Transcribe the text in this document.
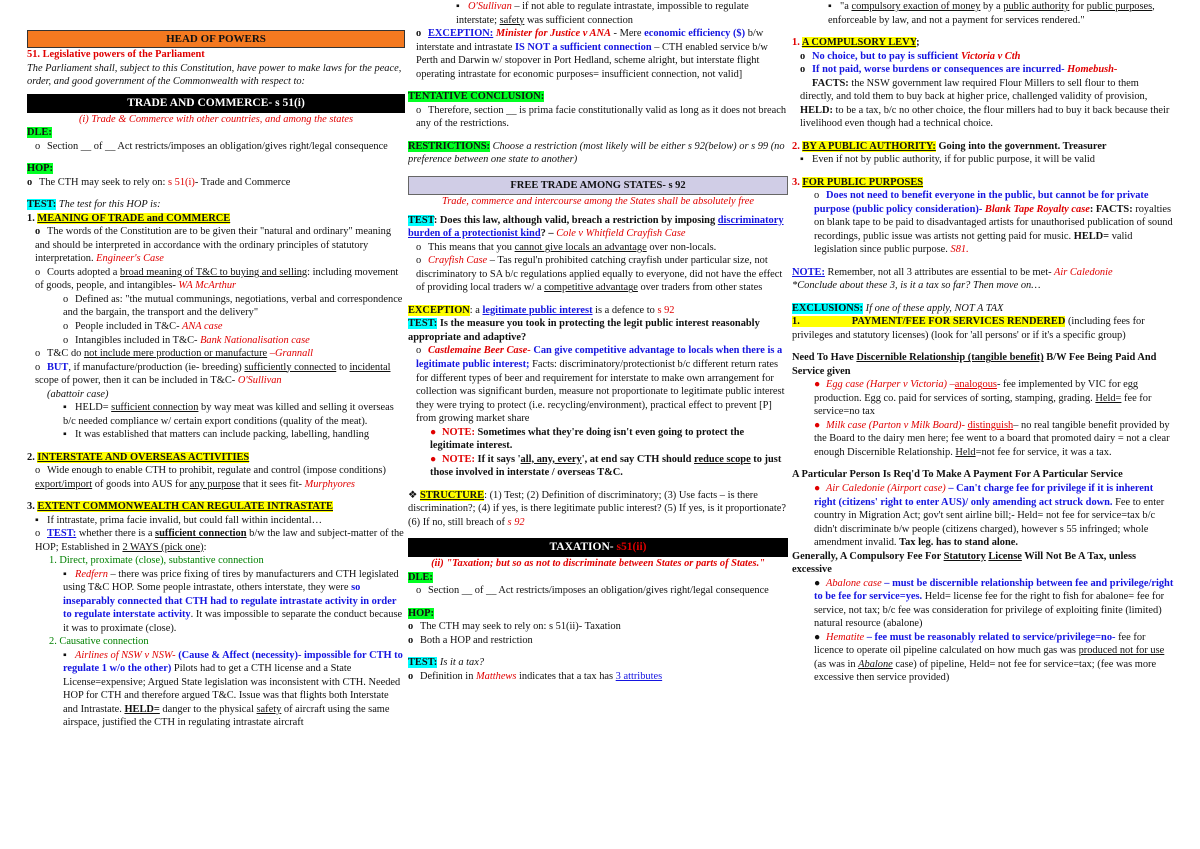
HEAD OF POWERS

51. Legislative powers of the Parliament

The Parliament shall, subject to this Constitution, have power to make laws for the peace, order, and good government of the Commonwealth with respect to:

TRADE AND COMMERCE- s 51(i)

(i) Trade & Commerce with other countries, and among the states

DLE:

o Section __ of __ Act restricts/imposes an obligation/gives right/legal consequence

HOP:

o The CTH may seek to rely on: s 51(i)- Trade and Commerce

TEST: The test for this HOP is:

1. MEANING OF TRADE and COMMERCE

o The words of the Constitution are to be given their "natural and ordinary" meaning and should be interpreted in accordance with the ordinary principles of statutory interpretation. Engineer's Case

o Courts adopted a broad meaning of T&C to buying and selling: including movement of goods, people, and intangibles- WA McArthur

o Defined as: "the mutual communings, negotiations, verbal and correspondence and the bargain, the transport and the delivery"

o People included in T&C- ANA case

o Intangibles included in T&C- Bank Nationalisation case

o T&C do not include mere production or manufacture –Grannall

o BUT, if manufacture/production (ie- breeding) sufficiently connected to incidental scope of power, then it can be included in T&C- O'Sullivan
(abattoir case)

▪ HELD= sufficient connection by way meat was killed and selling it overseas b/c needed compliance w/ certain export conditions (quality of the meat).

▪ It was established that matters can include packing, labelling, handling

2. INTERSTATE AND OVERSEAS ACTIVITIES

o Wide enough to enable CTH to prohibit, regulate and control (impose conditions) export/import of goods into AUS for any purpose that it sees fit- Murphyores

3. EXTENT COMMONWEALTH CAN REGULATE INTRASTATE

▪ If intrastate, prima facie invalid, but could fall within incidental…

o TEST: whether there is a sufficient connection b/w the law and subject-matter of the HOP; Established in 2 WAYS (pick one):

1. Direct, proximate (close), substantive connection

▪ Redfern – there was price fixing of tires by manufacturers and CTH legislated using T&C HOP. Some people intrastate, others interstate, they were so inseparably connected that CTH had to regulate intrastate activity in order to regulate interstate activity. It was impossible to separate the conduct because it was to proximate (close).

2. Causative connection

▪ Airlines of NSW v NSW- (Cause & Affect (necessity)- impossible for CTH to regulate 1 w/o the other) Pilots had to get a CTH license and a State License=expensive; Argued State legislation was inconsistent with CTH. Needed HOP for CTH and therefore argued T&C. Issue was that flights both Interstate and Intrastate. HELD= danger to the physical safety of aircraft using the same airspace, justified the CTH in regulating intrastate aircraft

▪ O'Sullivan – if not able to regulate intrastate, impossible to regulate interstate; safety was sufficient connection

o EXCEPTION: Minister for Justice v ANA - Mere economic efficiency ($) b/w interstate and intrastate IS NOT a sufficient connection – CTH enabled service b/w Perth and Darwin w/ stopover in Port Hedland, scheme alright, but interstate flight operating intrastate for economic purposes= insufficient connection, not valid]

TENTATIVE CONCLUSION:

o Therefore, section __ is prima facie constitutionally valid as long as it does not breach any of the restrictions.

RESTRICTIONS: Choose a restriction (most likely will be either s 92(below) or s 99 (no preference between one state to another)

FREE TRADE AMONG STATES- s 92

Trade, commerce and intercourse among the States shall be absolutely free

TEST: Does this law, although valid, breach a restriction by imposing discriminatory burden of a protectionist kind? – Cole v Whitfield Crayfish Case

o This means that you cannot give locals an advantage over non-locals.

o Crayfish Case – Tas regul'n prohibited catching crayfish under particular size, not discriminatory to SA b/c regulations applied equally to everyone, did not have the effect of providing local traders w/ a competitive advantage over traders from other states

EXCEPTION: a legitimate public interest is a defence to s 92

TEST: Is the measure you took in protecting the legit public interest reasonably appropriate and adaptive?

o Castlemaine Beer Case- Can give competitive advantage to locals when there is a legitimate public interest; Facts: discriminatory/protectionist b/c different return rates for different types of beer and requirement for interstate to make own arrangement for collection was significant burden, measure not proportionate to legitimate public interest they were trying to protect (i.e. recycling/environment), practical effect to prevent [P] from growing market share

● NOTE: Sometimes what they're doing isn't even going to protect the legitimate interest.

● NOTE: If it says 'all, any, every', at end say CTH should reduce scope to just those involved in interstate / overseas T&C.

❖ STRUCTURE: (1) Test; (2) Definition of discriminatory; (3) Use facts – is there discrimination?; (4) if yes, is there legitimate public interest? (5) If yes, is it proportionate? (6) If no, still breach of s 92

TAXATION- s51(ii)

(ii) "Taxation; but so as not to discriminate between States or parts of States."

DLE:

o Section __ of __ Act restricts/imposes an obligation/gives right/legal consequence

HOP:

o The CTH may seek to rely on: s 51(ii)- Taxation

o Both a HOP and restriction

TEST: Is it a tax?

o Definition in Matthews indicates that a tax has 3 attributes

▪ "a compulsory exaction of money by a public authority for public purposes, enforceable by law, and not a payment for services rendered."

1. A COMPULSORY LEVY;

o No choice, but to pay is sufficient Victoria v Cth

o If not paid, worse burdens or consequences are incurred- Homebush-
FACTS: the NSW government law required Flour Millers to sell flour to them directly, and told them to buy back at higher price, challenged validity of provision, HELD: to be a tax, b/c no other choice, the flour millers had to buy it back because their livelihood even though had a technical choice.

2. BY A PUBLIC AUTHORITY: Going into the government. Treasurer

▪ Even if not by public authority, if for public purpose, it will be valid

3. FOR PUBLIC PURPOSES

o Does not need to benefit everyone in the public, but cannot be for private purpose (public policy consideration)- Blank Tape Royalty case: FACTS: royalties on blank tape to be paid to disadvantaged artists for unauthorised publication of sound recordings, public issue was artists not getting paid for music. HELD= valid legislation since public purpose. S81.

NOTE: Remember, not all 3 attributes are essential to be met- Air Caledonie

*Conclude about these 3, is it a tax so far? Then move on…

EXCLUSIONS: If one of these apply, NOT A TAX

1.	PAYMENT/FEE FOR SERVICES RENDERED (including fees for privileges and statutory licenses) (look for 'all persons' or if it's a specific group)

Need To Have Discernible Relationship (tangible benefit) B/W Fee Being Paid And Service given

● Egg case (Harper v Victoria) –analogous- fee implemented by VIC for egg production. Egg co. paid for services of sorting, stamping, grading. Held= fee for service=no tax

● Milk case (Parton v Milk Board)- distinguish– no real tangible benefit provided by the Board to the dairy men here; fee went to a board that promoted dairy = not a clear enough Discernible Relationship. Held=not fee for service, it was a tax.

A Particular Person Is Req'd To Make A Payment For A Particular Service

● Air Caledonie (Airport case) – Can't charge fee for privilege if it is inherent right (citizens' right to enter AUS)/ only amending act struck down. Fee to enter country in Migration Act; gov't sent airline bill;- Held= not fee for service=tax b/c didn't discriminate b/w people (citizens charged), however s 55 infringed; whole amendment invalid. Tax leg. has to stand alone.

Generally, A Compulsory Fee For Statutory License Will Not Be A Tax, unless excessive

● Abalone case – must be discernible relationship between fee and privilege/right to be fee for service=yes. Held= license fee for the right to fish for abalone= fee for service, not tax; b/c fee was consideration for privilege of exploiting finite (limited) natural resource (abalone)

● Hematite – fee must be reasonably related to service/privilege=no- fee for licence to operate oil pipeline calculated on how much gas was produced not for use (as was in Abalone case) of pipeline, Held= not fee for service=tax; (fee was more excessive then service provided)
